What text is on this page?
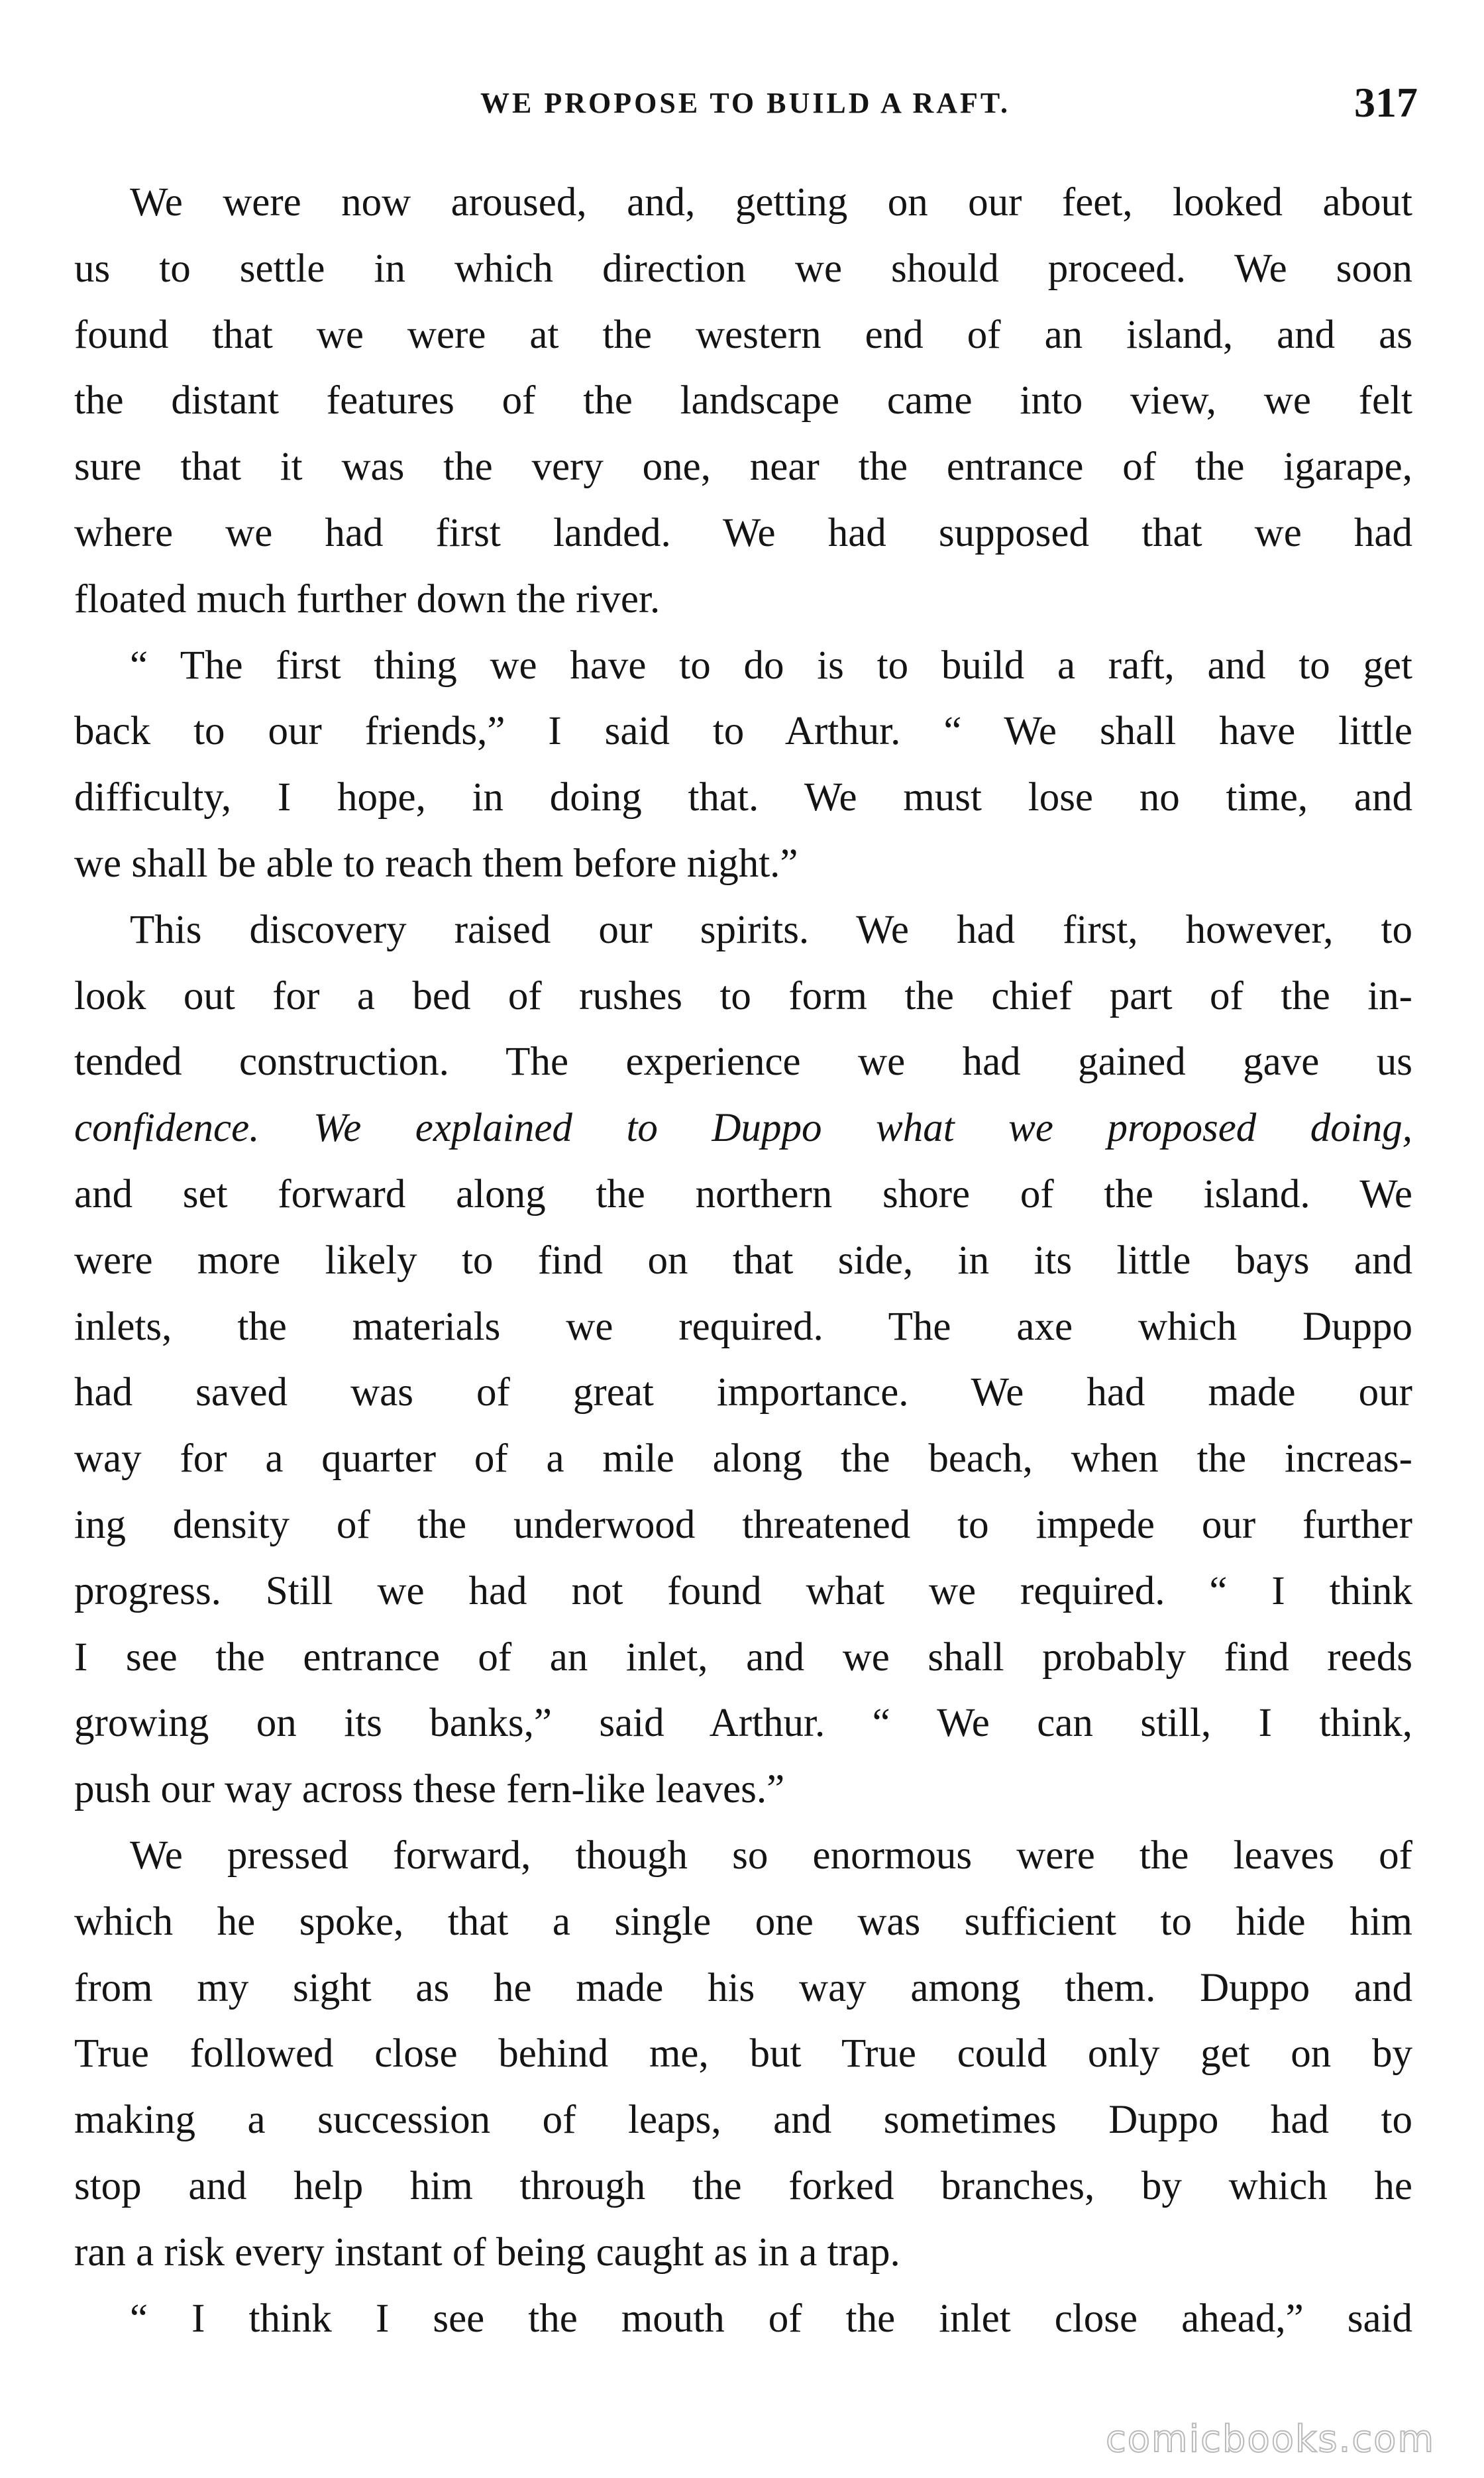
WE PROPOSE TO BUILD A RAFT.	317
We were now aroused, and, getting on our feet, looked about
us to settle in which direction we should proceed. We soon
found that we were at the western end of an island, and as
the distant features of the landscape came into view, we felt
sure that it was the very one, near the entrance of the igarape,
where we had first landed. We had supposed that we had
floated much further down the river.
“ The first thing we have to do is to build a raft, and to get
back to our friends,” I said to Arthur. “ We shall have little
difficulty, I hope, in doing that. We must lose no time, and
we shall be able to reach them before night.”
This discovery raised our spirits. We had first, however, to
look out for a bed of rushes to form the chief part of the in-
tended construction. The experience we had gained gave us
confidence. We explained to Duppo what we proposed doing,
and set forward along the northern shore of the island. We
were more likely to find on that side, in its little bays and
inlets, the materials we required. The axe which Duppo
had saved was of great importance. We had made our
way for a quarter of a mile along the beach, when the increas-
ing density of the underwood threatened to impede our further
progress. Still we had not found what we required. “ I think
I see the entrance of an inlet, and we shall probably find reeds
growing on its banks,” said Arthur. “ We can still, I think,
push our way across these fern-like leaves.”
We pressed forward, though so enormous were the leaves of
which he spoke, that a single one was sufficient to hide him
from my sight as he made his way among them. Duppo and
True followed close behind me, but True could only get on by
making a succession of leaps, and sometimes Duppo had to
stop and help him through the forked branches, by which he
ran a risk every instant of being caught as in a trap.
“ I think I see the mouth of the inlet close ahead,” said
comicbooks.com
